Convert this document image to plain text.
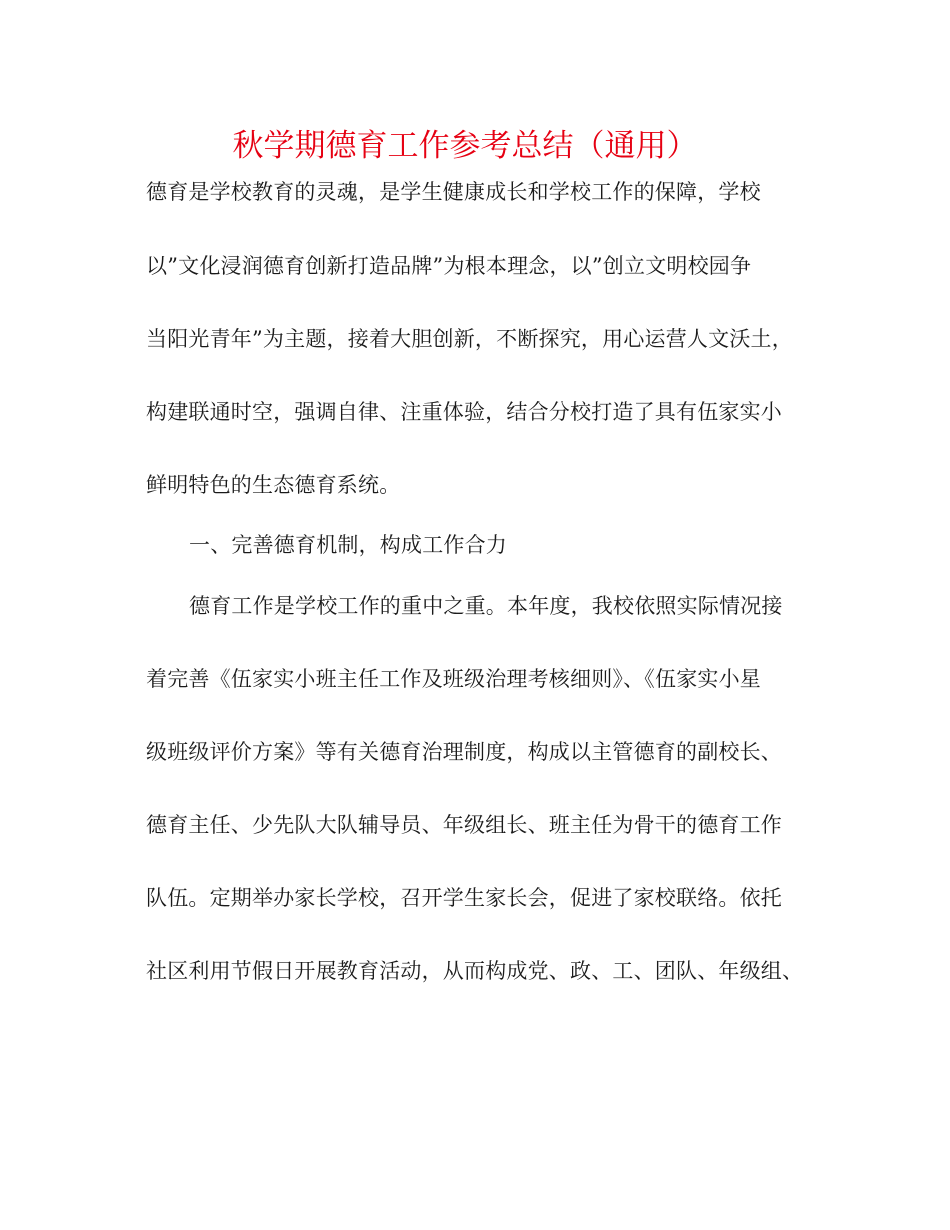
秋学期德育工作参考总结（通用）
德育是学校教育的灵魂，是学生健康成长和学校工作的保障，学校
以”文化浸润德育创新打造品牌”为根本理念，以”创立文明校园争
当阳光青年”为主题，接着大胆创新，不断探究，用心运营人文沃土，
构建联通时空，强调自律、注重体验，结合分校打造了具有伍家实小
鲜明特色的生态德育系统。
一、完善德育机制，构成工作合力
德育工作是学校工作的重中之重。本年度，我校依照实际情况接
着完善《伍家实小班主任工作及班级治理考核细则》、《伍家实小星
级班级评价方案》等有关德育治理制度，构成以主管德育的副校长、
德育主任、少先队大队辅导员、年级组长、班主任为骨干的德育工作
队伍。定期举办家长学校，召开学生家长会，促进了家校联络。依托
社区利用节假日开展教育活动，从而构成党、政、工、团队、年级组、
